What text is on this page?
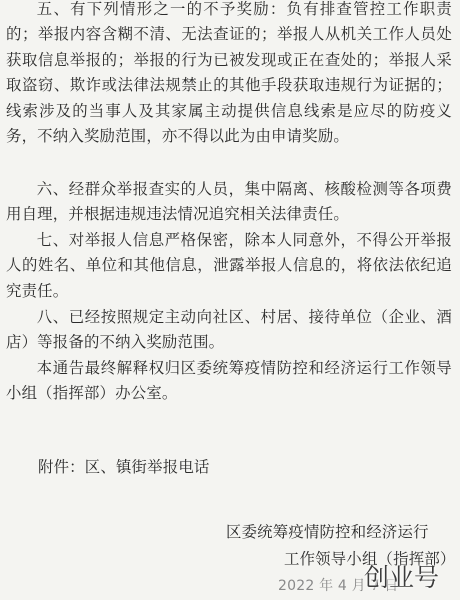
五、有下列情形之一的不予奖励：负有排查管控工作职责的；举报内容含糊不清、无法查证的；举报人从机关工作人员处获取信息举报的；举报的行为已被发现或正在查处的；举报人采取盗窃、欺诈或法律法规禁止的其他手段获取违规行为证据的；线索涉及的当事人及其家属主动提供信息线索是应尽的防疫义务，不纳入奖励范围，亦不得以此为由申请奖励。

六、经群众举报查实的人员，集中隔离、核酸检测等各项费用自理，并根据违规违法情况追究相关法律责任。

七、对举报人信息严格保密，除本人同意外，不得公开举报人的姓名、单位和其他信息，泄露举报人信息的，将依法依纪追究责任。

八、已经按照规定主动向社区、村居、接待单位（企业、酒店）等报备的不纳入奖励范围。

本通告最终解释权归区委统筹疫情防控和经济运行工作领导小组（指挥部）办公室。

附件：区、镇街举报电话

区委统筹疫情防控和经济运行

工作领导小组（指挥部）

2022 年 4 月 7 日

创业号
